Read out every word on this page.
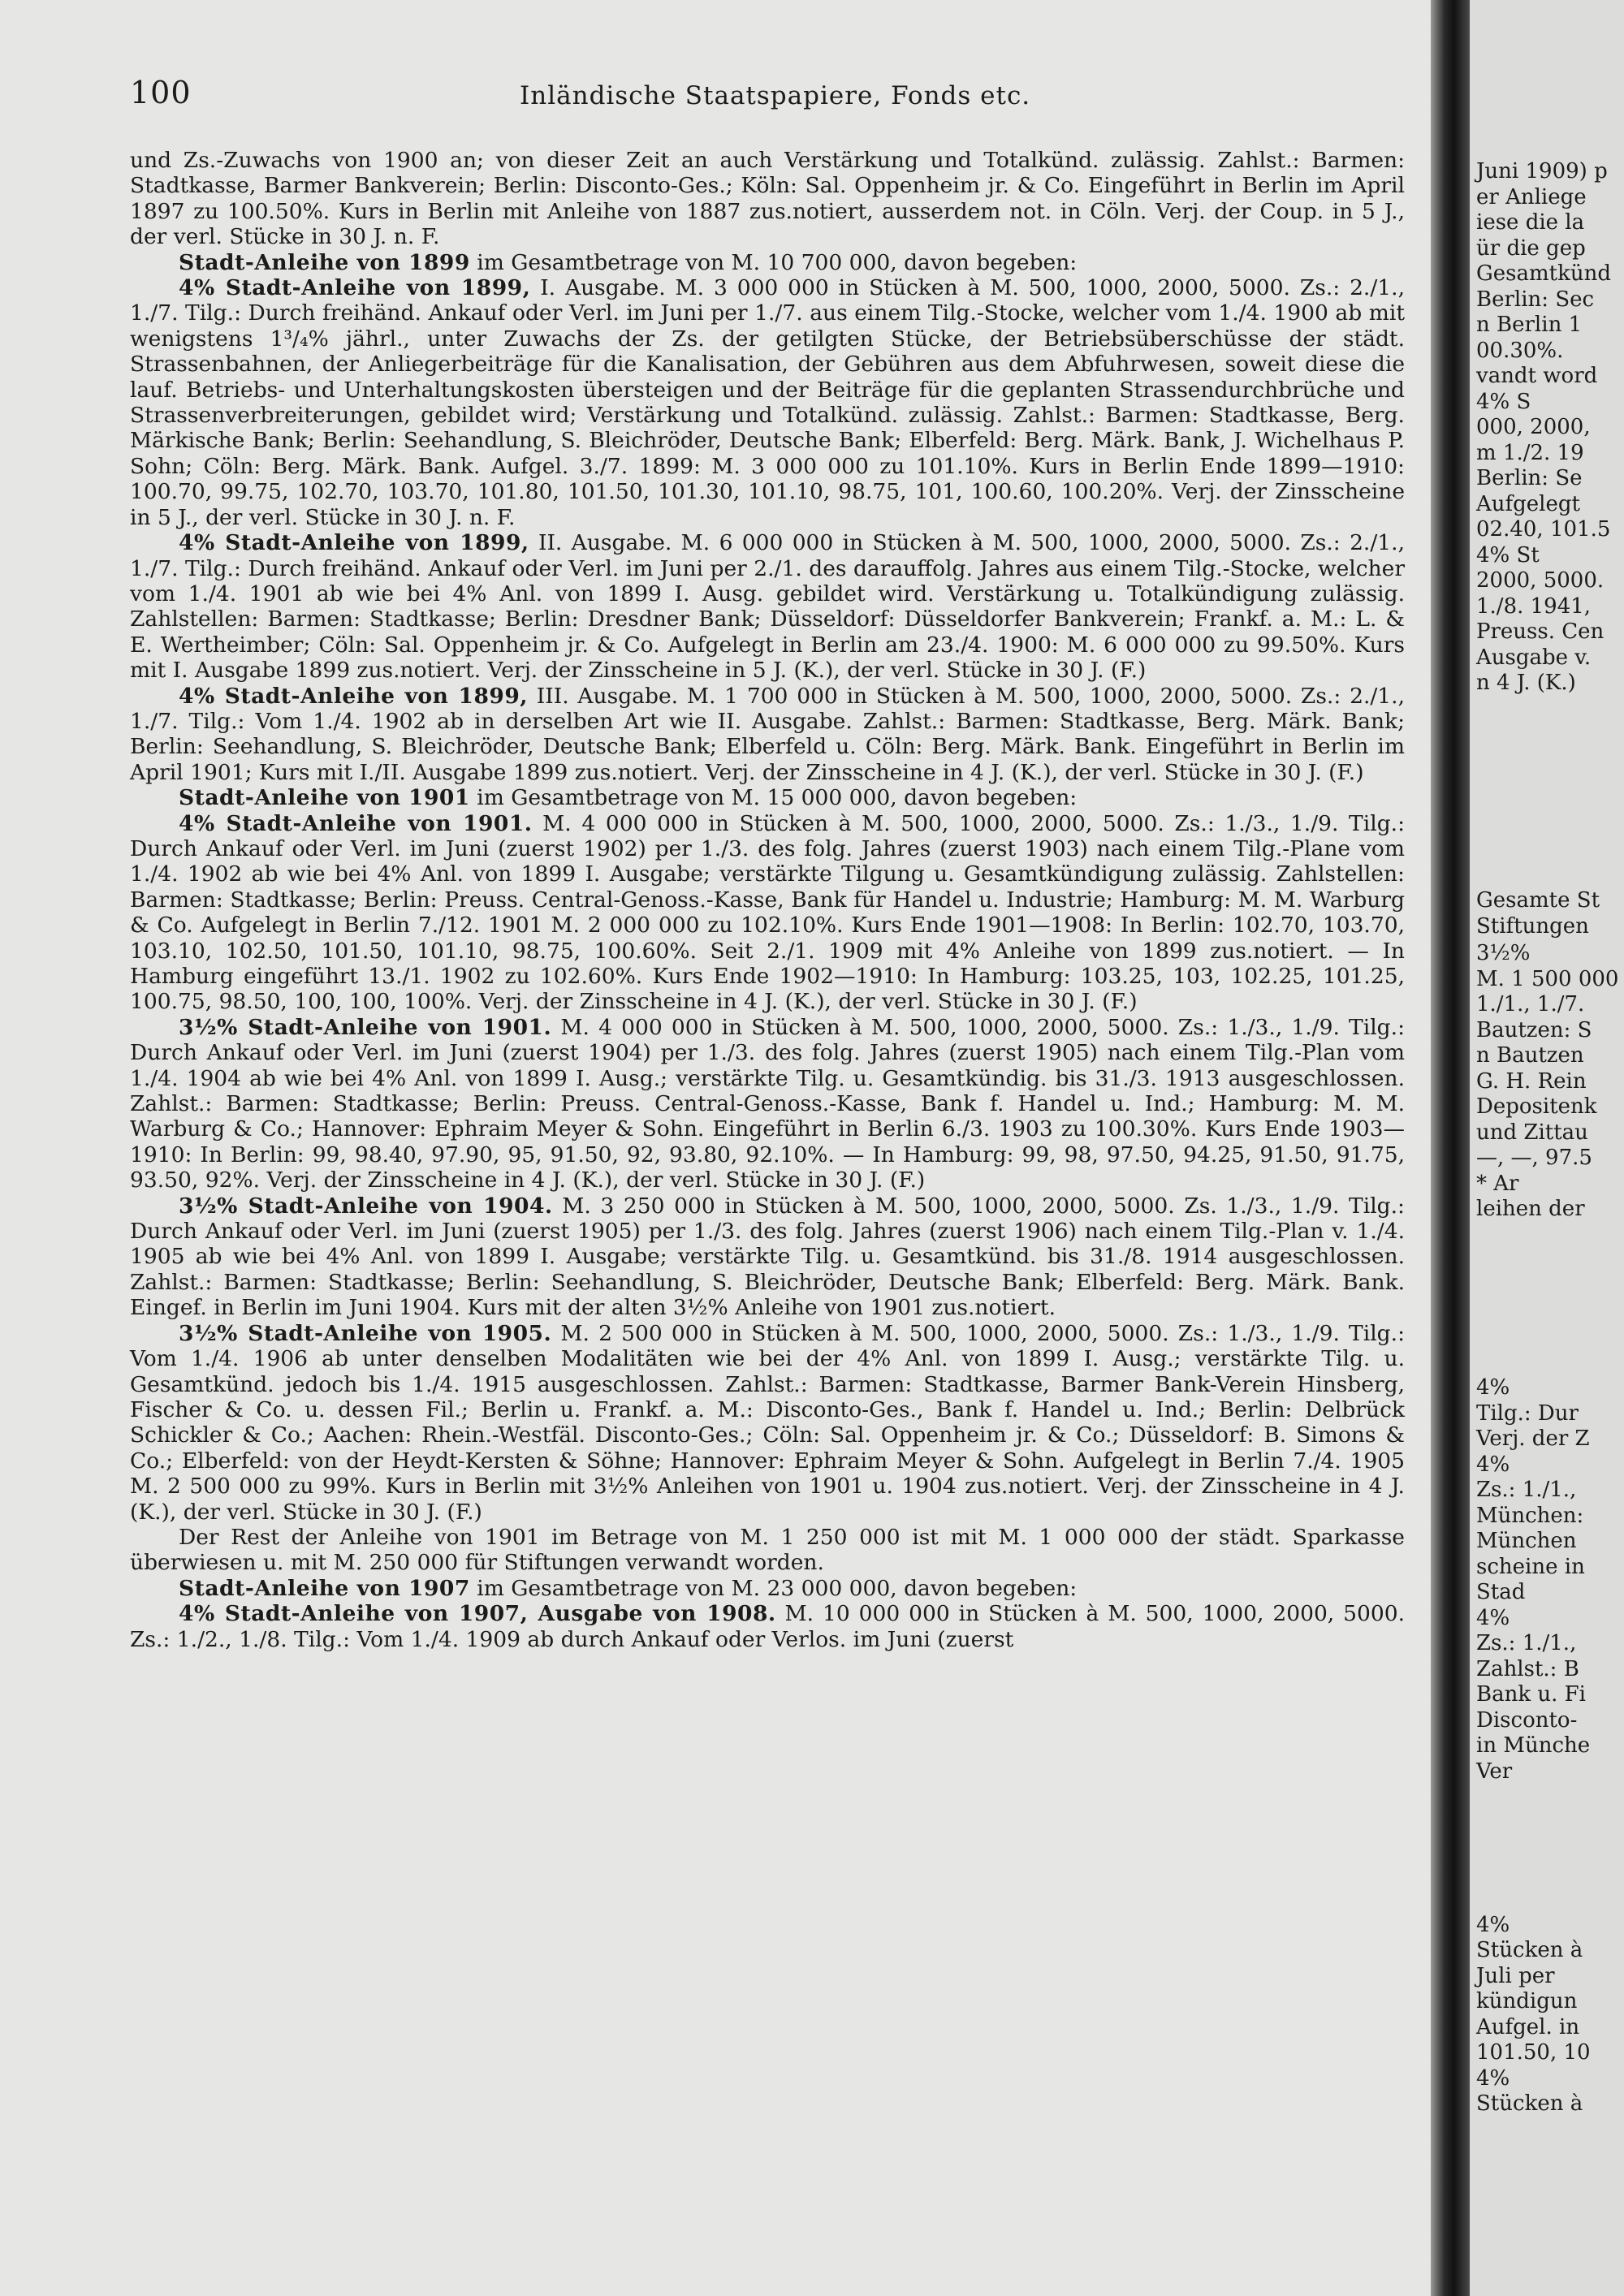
100	Inländische Staatspapiere, Fonds etc.

und Zs.-Zuwachs von 1900 an; von dieser Zeit an auch Verstärkung und Totalkünd. zulässig. Zahlst.: Barmen: Stadtkasse, Barmer Bankverein; Berlin: Disconto-Ges.; Köln: Sal. Oppenheim jr. & Co. Eingeführt in Berlin im April 1897 zu 100.50%. Kurs in Berlin mit Anleihe von 1887 zus.notiert, ausserdem not. in Cöln. Verj. der Coup. in 5 J., der verl. Stücke in 30 J. n. F.

Stadt-Anleihe von 1899 im Gesamtbetrage von M. 10 700 000, davon begeben:

4% Stadt-Anleihe von 1899, I. Ausgabe. M. 3 000 000 in Stücken à M. 500, 1000, 2000, 5000. Zs.: 2./1., 1./7. Tilg.: Durch freihänd. Ankauf oder Verl. im Juni per 1./7. aus einem Tilg.-Stocke, welcher vom 1./4. 1900 ab mit wenigstens 1³/₄% jährl., unter Zuwachs der Zs. der getilgten Stücke, der Betriebsüberschüsse der städt. Strassenbahnen, der Anliegerbeiträge für die Kanalisation, der Gebühren aus dem Abfuhrwesen, soweit diese die lauf. Betriebs- und Unterhaltungskosten übersteigen und der Beiträge für die geplanten Strassendurchbrüche und Strassenverbreiterungen, gebildet wird; Verstärkung und Totalkünd. zulässig. Zahlst.: Barmen: Stadtkasse, Berg. Märkische Bank; Berlin: Seehandlung, S. Bleichröder, Deutsche Bank; Elberfeld: Berg. Märk. Bank, J. Wichelhaus P. Sohn; Cöln: Berg. Märk. Bank. Aufgel. 3./7. 1899: M. 3 000 000 zu 101.10%. Kurs in Berlin Ende 1899—1910: 100.70, 99.75, 102.70, 103.70, 101.80, 101.50, 101.30, 101.10, 98.75, 101, 100.60, 100.20%. Verj. der Zinsscheine in 5 J., der verl. Stücke in 30 J. n. F.

4% Stadt-Anleihe von 1899, II. Ausgabe. M. 6 000 000 in Stücken à M. 500, 1000, 2000, 5000. Zs.: 2./1., 1./7. Tilg.: Durch freihänd. Ankauf oder Verl. im Juni per 2./1. des darauffolg. Jahres aus einem Tilg.-Stocke, welcher vom 1./4. 1901 ab wie bei 4% Anl. von 1899 I. Ausg. gebildet wird. Verstärkung u. Totalkündigung zulässig. Zahlstellen: Barmen: Stadtkasse; Berlin: Dresdner Bank; Düsseldorf: Düsseldorfer Bankverein; Frankf. a. M.: L. & E. Wertheimber; Cöln: Sal. Oppenheim jr. & Co. Aufgelegt in Berlin am 23./4. 1900: M. 6 000 000 zu 99.50%. Kurs mit I. Ausgabe 1899 zus.notiert. Verj. der Zinsscheine in 5 J. (K.), der verl. Stücke in 30 J. (F.)

4% Stadt-Anleihe von 1899, III. Ausgabe. M. 1 700 000 in Stücken à M. 500, 1000, 2000, 5000. Zs.: 2./1., 1./7. Tilg.: Vom 1./4. 1902 ab in derselben Art wie II. Ausgabe. Zahlst.: Barmen: Stadtkasse, Berg. Märk. Bank; Berlin: Seehandlung, S. Bleichröder, Deutsche Bank; Elberfeld u. Cöln: Berg. Märk. Bank. Eingeführt in Berlin im April 1901; Kurs mit I./II. Ausgabe 1899 zus.notiert. Verj. der Zinsscheine in 4 J. (K.), der verl. Stücke in 30 J. (F.)

Stadt-Anleihe von 1901 im Gesamtbetrage von M. 15 000 000, davon begeben:

4% Stadt-Anleihe von 1901. M. 4 000 000 in Stücken à M. 500, 1000, 2000, 5000. Zs.: 1./3., 1./9. Tilg.: Durch Ankauf oder Verl. im Juni (zuerst 1902) per 1./3. des folg. Jahres (zuerst 1903) nach einem Tilg.-Plane vom 1./4. 1902 ab wie bei 4% Anl. von 1899 I. Ausgabe; verstärkte Tilgung u. Gesamtkündigung zulässig. Zahlstellen: Barmen: Stadtkasse; Berlin: Preuss. Central-Genoss.-Kasse, Bank für Handel u. Industrie; Hamburg: M. M. Warburg & Co. Aufgelegt in Berlin 7./12. 1901 M. 2 000 000 zu 102.10%. Kurs Ende 1901—1908: In Berlin: 102.70, 103.70, 103.10, 102.50, 101.50, 101.10, 98.75, 100.60%. Seit 2./1. 1909 mit 4% Anleihe von 1899 zus.notiert. — In Hamburg eingeführt 13./1. 1902 zu 102.60%. Kurs Ende 1902—1910: In Hamburg: 103.25, 103, 102.25, 101.25, 100.75, 98.50, 100, 100, 100%. Verj. der Zinsscheine in 4 J. (K.), der verl. Stücke in 30 J. (F.)

3½% Stadt-Anleihe von 1901. M. 4 000 000 in Stücken à M. 500, 1000, 2000, 5000. Zs.: 1./3., 1./9. Tilg.: Durch Ankauf oder Verl. im Juni (zuerst 1904) per 1./3. des folg. Jahres (zuerst 1905) nach einem Tilg.-Plan vom 1./4. 1904 ab wie bei 4% Anl. von 1899 I. Ausg.; verstärkte Tilg. u. Gesamtkündig. bis 31./3. 1913 ausgeschlossen. Zahlst.: Barmen: Stadtkasse; Berlin: Preuss. Central-Genoss.-Kasse, Bank f. Handel u. Ind.; Hamburg: M. M. Warburg & Co.; Hannover: Ephraim Meyer & Sohn. Eingeführt in Berlin 6./3. 1903 zu 100.30%. Kurs Ende 1903—1910: In Berlin: 99, 98.40, 97.90, 95, 91.50, 92, 93.80, 92.10%. — In Hamburg: 99, 98, 97.50, 94.25, 91.50, 91.75, 93.50, 92%. Verj. der Zinsscheine in 4 J. (K.), der verl. Stücke in 30 J. (F.)

3½% Stadt-Anleihe von 1904. M. 3 250 000 in Stücken à M. 500, 1000, 2000, 5000. Zs. 1./3., 1./9. Tilg.: Durch Ankauf oder Verl. im Juni (zuerst 1905) per 1./3. des folg. Jahres (zuerst 1906) nach einem Tilg.-Plan v. 1./4. 1905 ab wie bei 4% Anl. von 1899 I. Ausgabe; verstärkte Tilg. u. Gesamtkünd. bis 31./8. 1914 ausgeschlossen. Zahlst.: Barmen: Stadtkasse; Berlin: Seehandlung, S. Bleichröder, Deutsche Bank; Elberfeld: Berg. Märk. Bank. Eingef. in Berlin im Juni 1904. Kurs mit der alten 3½% Anleihe von 1901 zus.notiert.

3½% Stadt-Anleihe von 1905. M. 2 500 000 in Stücken à M. 500, 1000, 2000, 5000. Zs.: 1./3., 1./9. Tilg.: Vom 1./4. 1906 ab unter denselben Modalitäten wie bei der 4% Anl. von 1899 I. Ausg.; verstärkte Tilg. u. Gesamtkünd. jedoch bis 1./4. 1915 ausgeschlossen. Zahlst.: Barmen: Stadtkasse, Barmer Bank-Verein Hinsberg, Fischer & Co. u. dessen Fil.; Berlin u. Frankf. a. M.: Disconto-Ges., Bank f. Handel u. Ind.; Berlin: Delbrück Schickler & Co.; Aachen: Rhein.-Westfäl. Disconto-Ges.; Cöln: Sal. Oppenheim jr. & Co.; Düsseldorf: B. Simons & Co.; Elberfeld: von der Heydt-Kersten & Söhne; Hannover: Ephraim Meyer & Sohn. Aufgelegt in Berlin 7./4. 1905 M. 2 500 000 zu 99%. Kurs in Berlin mit 3½% Anleihen von 1901 u. 1904 zus.notiert. Verj. der Zinsscheine in 4 J. (K.), der verl. Stücke in 30 J. (F.)

Der Rest der Anleihe von 1901 im Betrage von M. 1 250 000 ist mit M. 1 000 000 der städt. Sparkasse überwiesen u. mit M. 250 000 für Stiftungen verwandt worden.

Stadt-Anleihe von 1907 im Gesamtbetrage von M. 23 000 000, davon begeben:

4% Stadt-Anleihe von 1907, Ausgabe von 1908. M. 10 000 000 in Stücken à M. 500, 1000, 2000, 5000. Zs.: 1./2., 1./8. Tilg.: Vom 1./4. 1909 ab durch Ankauf oder Verlos. im Juni (zuerst

Juni 1909) p
er Anliege
iese die la
ür die gep
Gesamtkünd
Berlin: Sec
n Berlin 1
00.30%.
vandt word
4% S
000, 2000,
m 1./2. 19
Berlin: Se
Aufgelegt
02.40, 101.5
4% St
2000, 5000.
1./8. 1941,
Preuss. Cen
Ausgabe v.
n 4 J. (K.)
Gesamte St
Stiftungen
3½%
M. 1 500 000
1./1., 1./7.
Bautzen: S
n Bautzen
G. H. Rein
Depositenk
und Zittau
—, —, 97.5
* Ar
leihen der
4%
Tilg.: Dur
Verj. der Z
4%
Zs.: 1./1.,
München:
München
scheine in
Stad
4%
Zs.: 1./1.,
Zahlst.: B
Bank u. Fi
Disconto-
in Münche
Ver
4%
Stücken à
Juli per
kündigun
Aufgel. in
101.50, 10
4%
Stücken à
